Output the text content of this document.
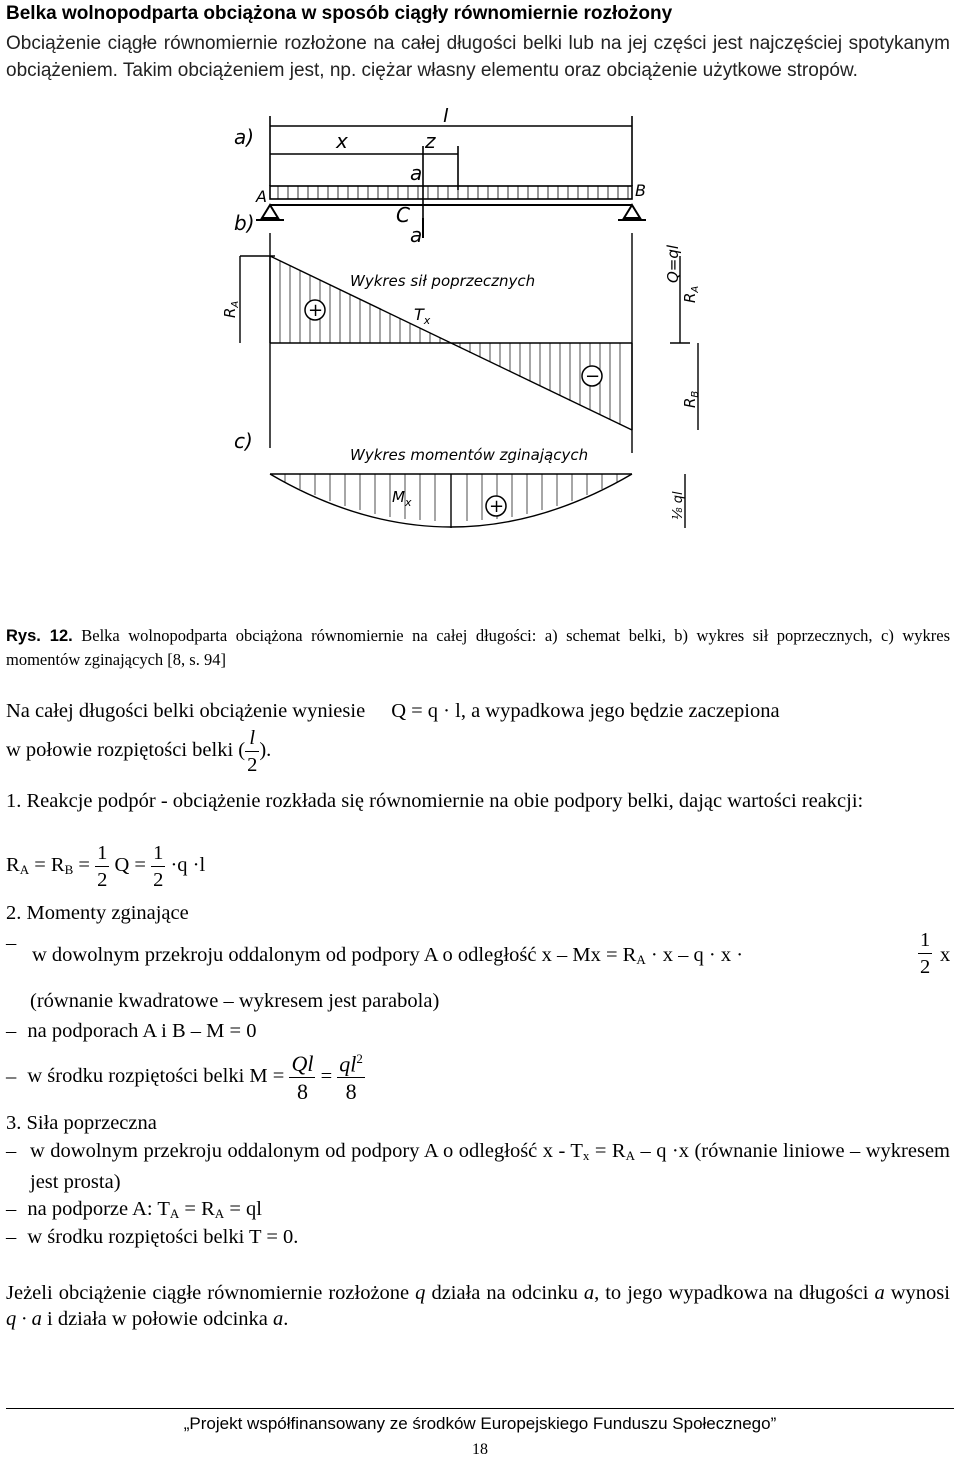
Belka wolnopodparta obciążona w sposób ciągły równomiernie rozłożony
Obciążenie ciągłe równomiernie rozłożone na całej długości belki lub na jej części jest najczęściej spotykanym obciążeniem. Takim obciążeniem jest, np. ciężar własny elementu oraz obciążenie użytkowe stropów.
a)
b)
c)
l
x	z
a
C
a
A	B
Wykres sił poprzecznych
$T_x$
Wykres momentów zginających
$M_x$
+
−
+
$R_A$
Q=ql
$R_A$
$R_B$
⅛ ql
Rys. 12. Belka wolnopodparta obciążona równomiernie na całej długości: a) schemat belki, b) wykres sił poprzecznych, c) wykres momentów zginających [8, s. 94]
Na całej długości belki obciążenie wyniesie Q = q · l, a wypadkowa jego będzie zaczepiona
w połowie rozpiętości belki ( $\frac{l}{2}$ ).
1. Reakcje podpór - obciążenie rozkłada się równomiernie na obie podpory belki, dając wartości reakcji:
$R_A = R_B = \frac{1}{2}$ $Q = \frac{1}{2} \cdot q \cdot l$
2. Momenty zginające
–
w dowolnym przekroju oddalonym od podpory A o odległość $x - Mx = R_A \cdot x - q \cdot x$ ·	$\frac{1}{2}$ x
(równanie kwadratowe – wykresem jest parabola)
– na podporach A i B – M = 0
– w środku rozpiętości belki $M = \frac{Ql}{8} = \frac{ql^2}{8}$
3. Siła poprzeczna
– w dowolnym przekroju oddalonym od podpory A o odległość $x - T_x = R_A - q \cdot x$ (równanie liniowe – wykresem jest prosta)
– na podporze A: $T_A = R_A$ = ql
– w środku rozpiętości belki T = 0.
Jeżeli obciążenie ciągłe równomiernie rozłożone q działa na odcinku a, to jego wypadkowa na długości a wynosi q · a i działa w połowie odcinka a.
„Projekt współfinansowany ze środków Europejskiego Funduszu Społecznego”
18
